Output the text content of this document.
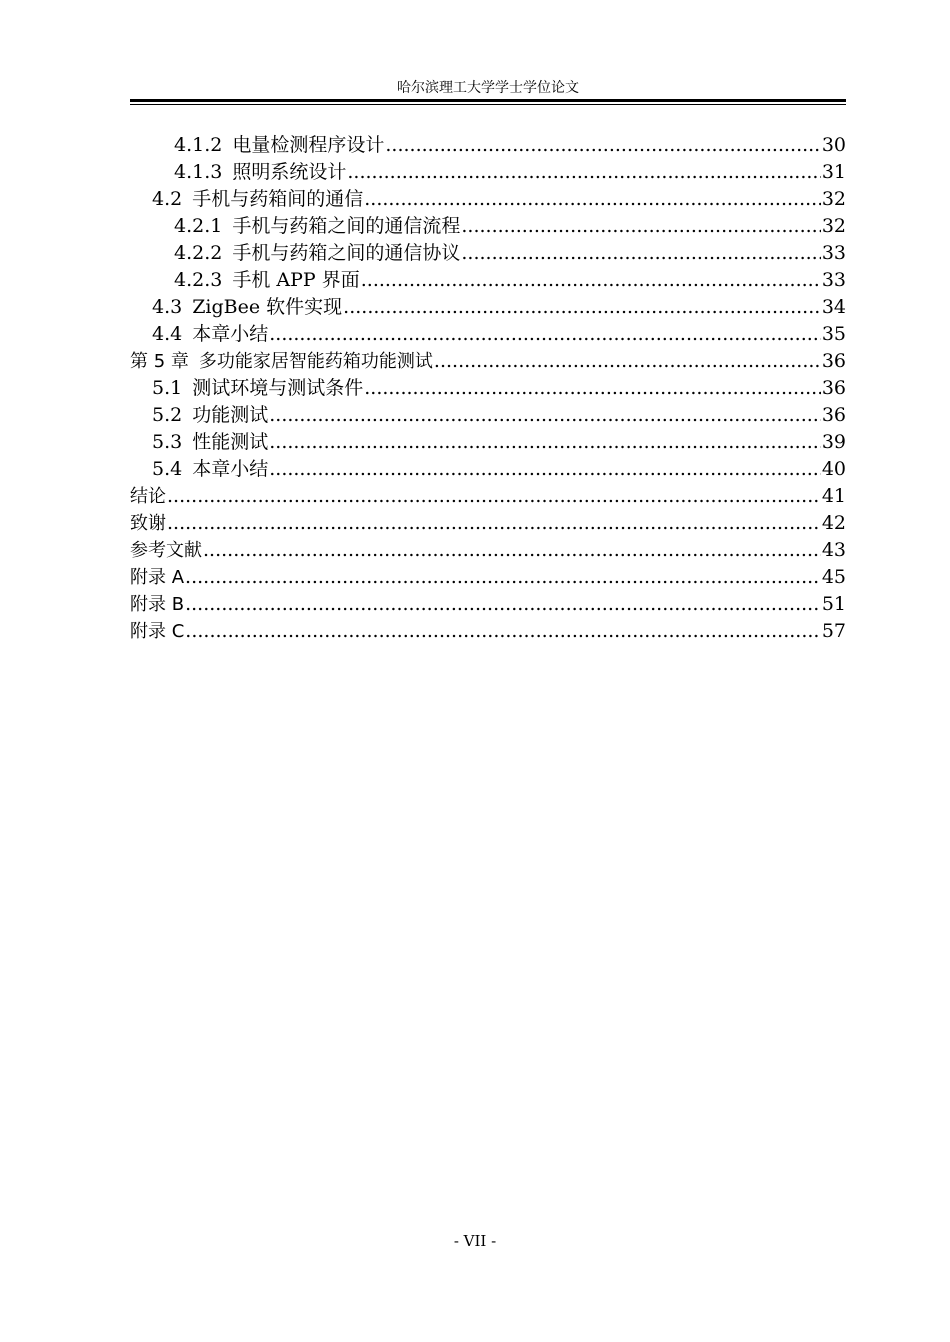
哈尔滨理工大学学士学位论文
4.1.2 电量检测程序设计 .....	30
4.1.3 照明系统设计 .....	31
4.2 手机与药箱间的通信 .....	32
4.2.1 手机与药箱之间的通信流程 .....	32
4.2.2 手机与药箱之间的通信协议 .....	33
4.2.3 手机 APP 界面 .....	33
4.3 ZigBee 软件实现 .....	34
4.4 本章小结 .....	35
第 5 章 多功能家居智能药箱功能测试 .....	36
5.1 测试环境与测试条件 .....	36
5.2 功能测试 .....	36
5.3 性能测试 .....	39
5.4 本章小结 .....	40
结论 .....	41
致谢 .....	42
参考文献 .....	43
附录 A .....	45
附录 B .....	51
附录 C .....	57
- VII -
